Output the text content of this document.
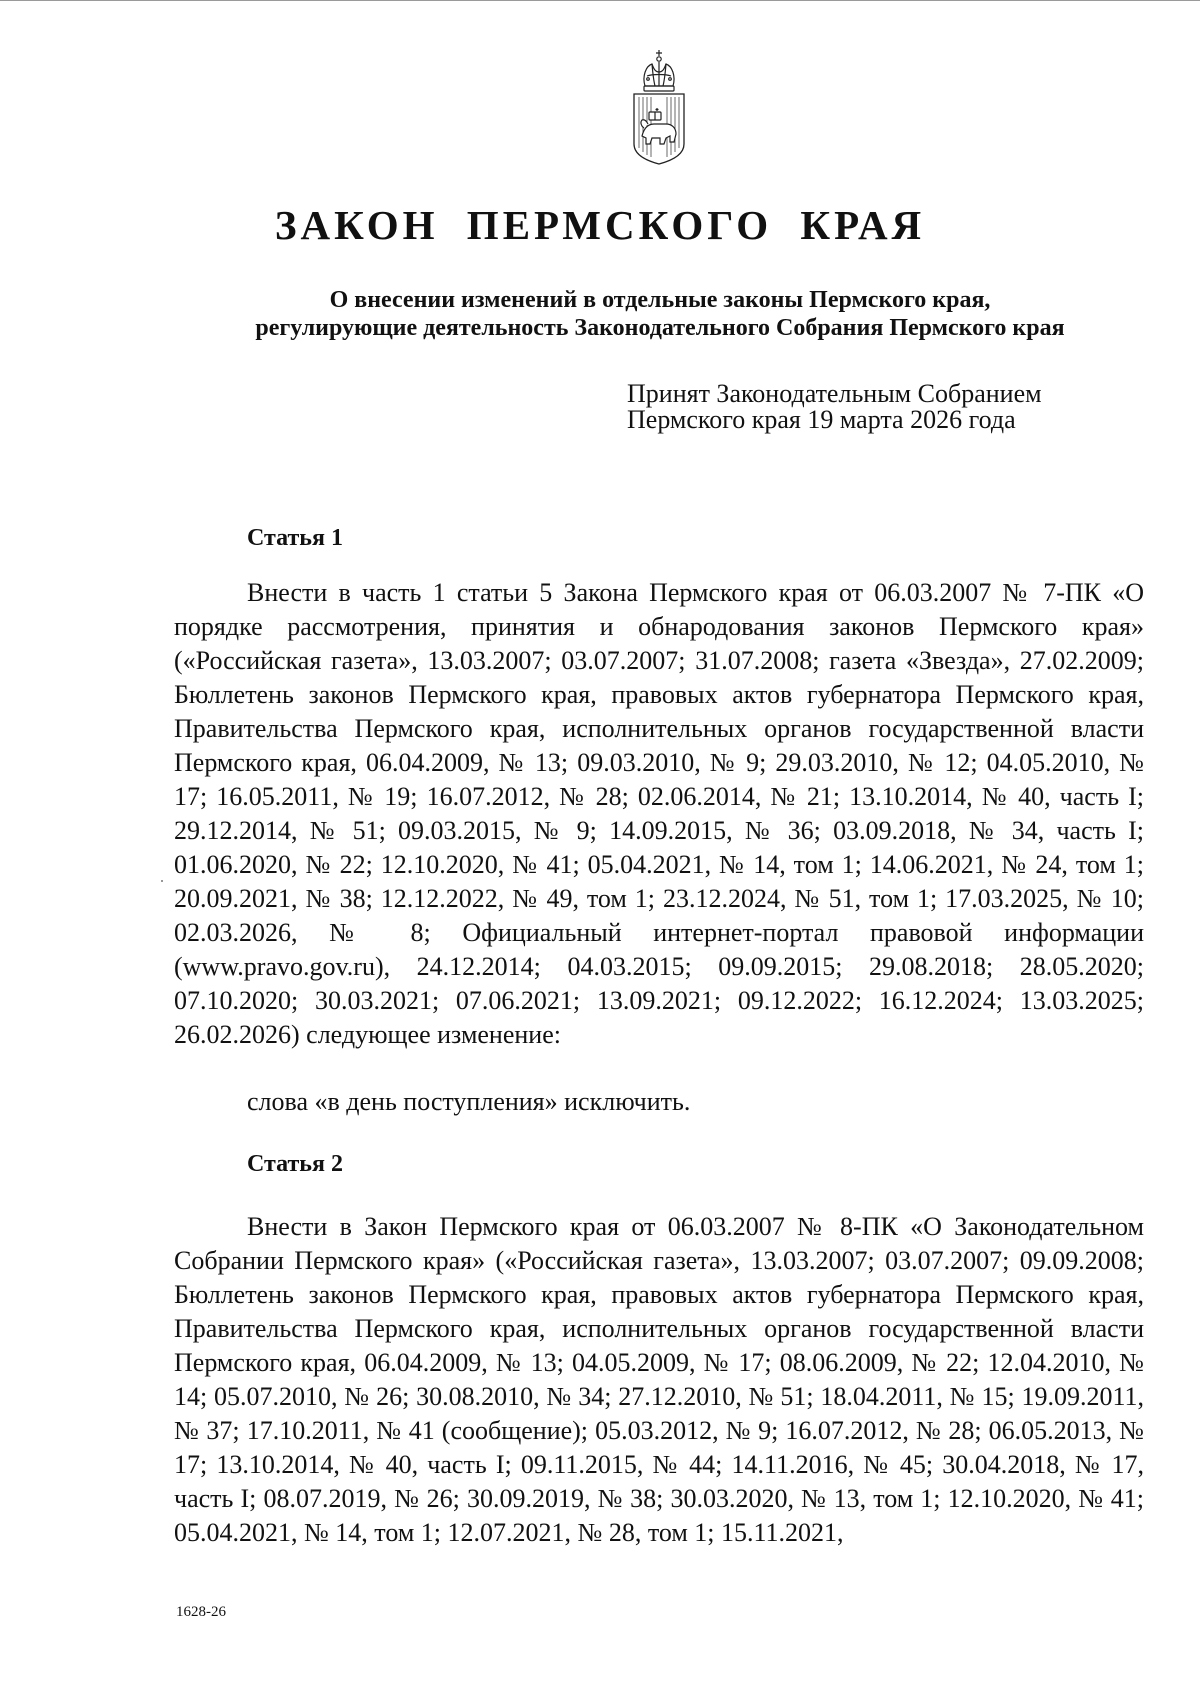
ЗАКОН ПЕРМСКОГО КРАЯ
О внесении изменений в отдельные законы Пермского края,
регулирующие деятельность Законодательного Собрания Пермского края
Принят Законодательным Собранием
Пермского края 19 марта 2026 года
Статья 1

Внести в часть 1 статьи 5 Закона Пермского края от 06.03.2007 № 7-ПК «О порядке рассмотрения, принятия и обнародования законов Пермского края» («Российская газета», 13.03.2007; 03.07.2007; 31.07.2008; газета «Звезда», 27.02.2009; Бюллетень законов Пермского края, правовых актов губернатора Пермского края, Правительства Пермского края, исполнительных органов государственной власти Пермского края, 06.04.2009, № 13; 09.03.2010, № 9; 29.03.2010, № 12; 04.05.2010, № 17; 16.05.2011, № 19; 16.07.2012, № 28; 02.06.2014, № 21; 13.10.2014, № 40, часть I; 29.12.2014, № 51; 09.03.2015, № 9; 14.09.2015, № 36; 03.09.2018, № 34, часть I; 01.06.2020, № 22; 12.10.2020, № 41; 05.04.2021, № 14, том 1; 14.06.2021, № 24, том 1; 20.09.2021, № 38; 12.12.2022, № 49, том 1; 23.12.2024, № 51, том 1; 17.03.2025, № 10; 02.03.2026, № 8; Официальный интернет-портал правовой информации (www.pravo.gov.ru), 24.12.2014; 04.03.2015; 09.09.2015; 29.08.2018; 28.05.2020; 07.10.2020; 30.03.2021; 07.06.2021; 13.09.2021; 09.12.2022; 16.12.2024; 13.03.2025; 26.02.2026) следующее изменение:

слова «в день поступления» исключить.
Статья 2

Внести в Закон Пермского края от 06.03.2007 № 8-ПК «О Законодательном Собрании Пермского края» («Российская газета», 13.03.2007; 03.07.2007; 09.09.2008; Бюллетень законов Пермского края, правовых актов губернатора Пермского края, Правительства Пермского края, исполнительных органов государственной власти Пермского края, 06.04.2009, № 13; 04.05.2009, № 17; 08.06.2009, № 22; 12.04.2010, № 14; 05.07.2010, № 26; 30.08.2010, № 34; 27.12.2010, № 51; 18.04.2011, № 15; 19.09.2011, № 37; 17.10.2011, № 41 (сообщение); 05.03.2012, № 9; 16.07.2012, № 28; 06.05.2013, № 17; 13.10.2014, № 40, часть I; 09.11.2015, № 44; 14.11.2016, № 45; 30.04.2018, № 17, часть I; 08.07.2019, № 26; 30.09.2019, № 38; 30.03.2020, № 13, том 1; 12.10.2020, № 41; 05.04.2021, № 14, том 1; 12.07.2021, № 28, том 1; 15.11.2021,

1628-26
